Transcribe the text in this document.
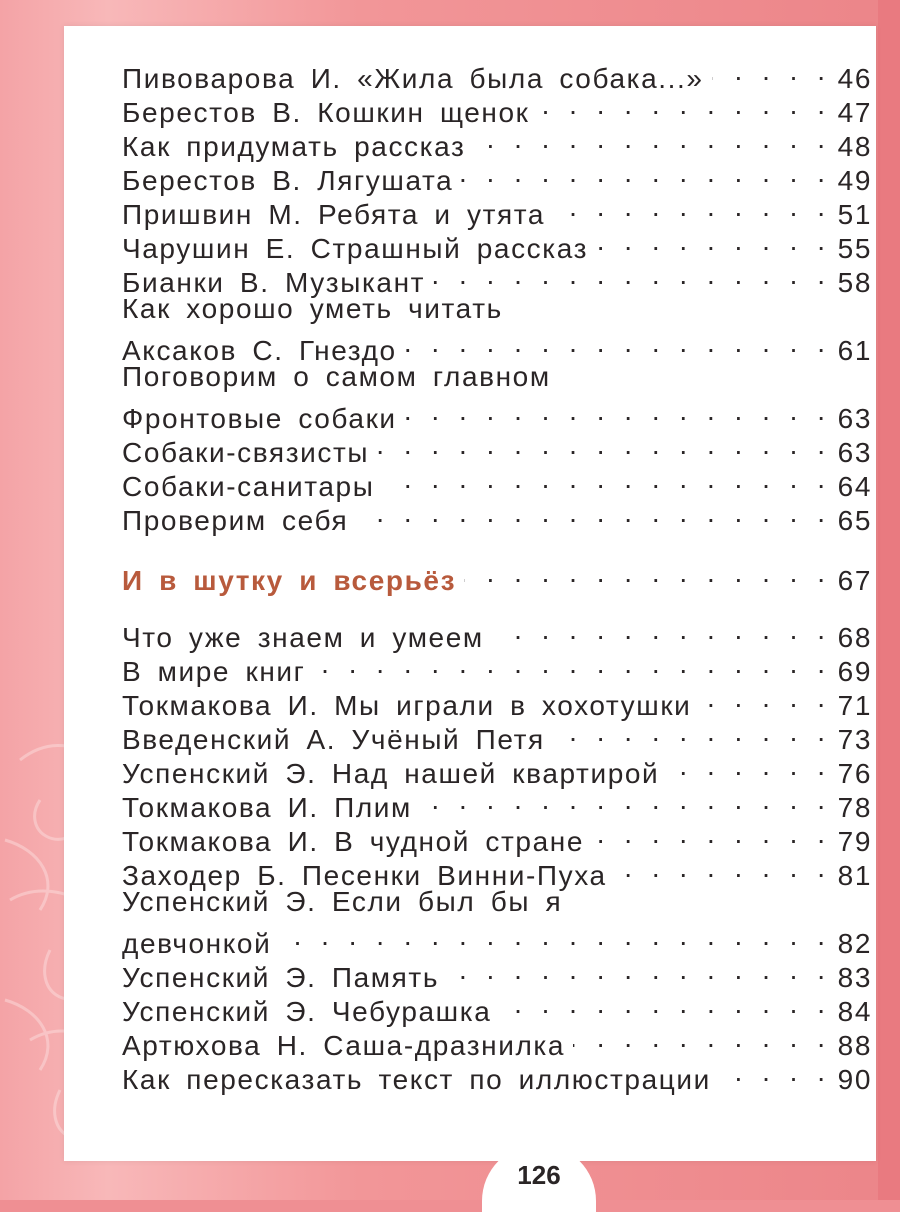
Пивоварова И. «Жила была собака...» . . .	46
Берестов В. Кошкин щенок . . .	47
Как придумать рассказ . . .	48
Берестов В. Лягушата . . .	49
Пришвин М. Ребята и утята . . .	51
Чарушин Е. Страшный рассказ . . .	55
Бианки В. Музыкант . . .	58
Как хорошо уметь читать
Аксаков С. Гнездо . . .	61
Поговорим о самом главном
Фронтовые собаки . . .	63
Собаки-связисты . . .	63
Собаки-санитары . . .	64
Проверим себя . . .	65
И в шутку и всерьёз . . .	67
Что уже знаем и умеем . . .	68
В мире книг . . .	69
Токмакова И. Мы играли в хохотушки . . .	71
Введенский А. Учёный Петя . . .	73
Успенский Э. Над нашей квартирой . . .	76
Токмакова И. Плим . . .	78
Токмакова И. В чудной стране . . .	79
Заходер Б. Песенки Винни-Пуха . . .	81
Успенский Э. Если был бы я
девчонкой . . .	82
Успенский Э. Память . . .	83
Успенский Э. Чебурашка . . .	84
Артюхова Н. Саша-дразнилка . . .	88
Как пересказать текст по иллюстрации . . .	90
126
